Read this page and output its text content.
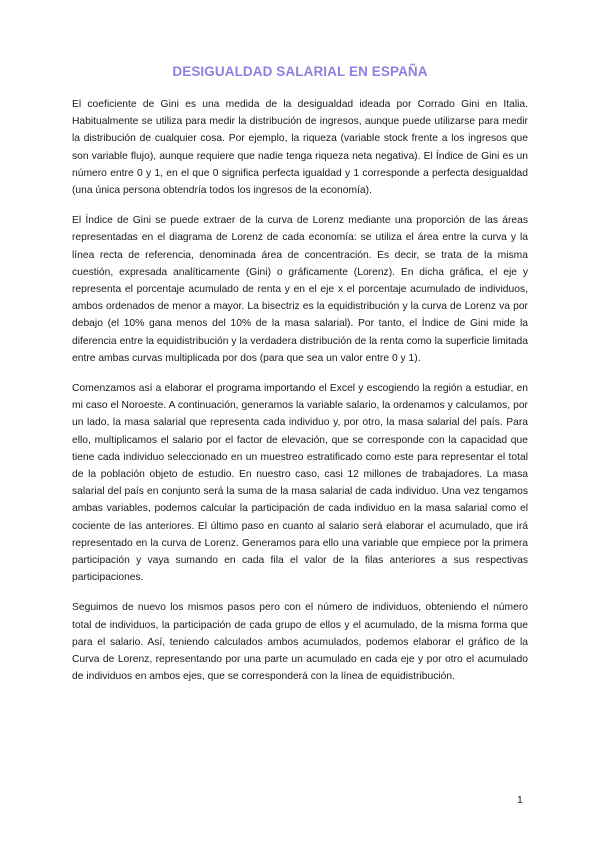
DESIGUALDAD SALARIAL EN ESPAÑA

El coeficiente de Gini es una medida de la desigualdad ideada por Corrado Gini en Italia. Habitualmente se utiliza para medir la distribución de ingresos, aunque puede utilizarse para medir la distribución de cualquier cosa. Por ejemplo, la riqueza (variable stock frente a los ingresos que son variable flujo), aunque requiere que nadie tenga riqueza neta negativa). El Índice de Gini es un número entre 0 y 1, en el que 0 significa perfecta igualdad y 1 corresponde a perfecta desigualdad (una única persona obtendría todos los ingresos de la economía).

El Índice de Gini se puede extraer de la curva de Lorenz mediante una proporción de las áreas representadas en el diagrama de Lorenz de cada economía: se utiliza el área entre la curva y la línea recta de referencia, denominada área de concentración. Es decir, se trata de la misma cuestión, expresada analíticamente (Gini) o gráficamente (Lorenz). En dicha gráfica, el eje y representa el porcentaje acumulado de renta y en el eje x el porcentaje acumulado de individuos, ambos ordenados de menor a mayor. La bisectriz es la equidistribución y la curva de Lorenz va por debajo (el 10% gana menos del 10% de la masa salarial). Por tanto, el Índice de Gini mide la diferencia entre la equidistribución y la verdadera distribución de la renta como la superficie limitada entre ambas curvas multiplicada por dos (para que sea un valor entre 0 y 1).

Comenzamos así a elaborar el programa importando el Excel y escogiendo la región a estudiar, en mi caso el Noroeste. A continuación, generamos la variable salario, la ordenamos y calculamos, por un lado, la masa salarial que representa cada individuo y, por otro, la masa salarial del país. Para ello, multiplicamos el salario por el factor de elevación, que se corresponde con la capacidad que tiene cada individuo seleccionado en un muestreo estratificado como este para representar el total de la población objeto de estudio. En nuestro caso, casi 12 millones de trabajadores. La masa salarial del país en conjunto será la suma de la masa salarial de cada individuo. Una vez tengamos ambas variables, podemos calcular la participación de cada individuo en la masa salarial como el cociente de las anteriores. El último paso en cuanto al salario será elaborar el acumulado, que irá representado en la curva de Lorenz. Generamos para ello una variable que empiece por la primera participación y vaya sumando en cada fila el valor de la filas anteriores a sus respectivas participaciones.

Seguimos de nuevo los mismos pasos pero con el número de individuos, obteniendo el número total de individuos, la participación de cada grupo de ellos y el acumulado, de la misma forma que para el salario. Así, teniendo calculados ambos acumulados, podemos elaborar el gráfico de la Curva de Lorenz, representando por una parte un acumulado en cada eje y por otro el acumulado de individuos en ambos ejes, que se corresponderá con la línea de equidistribución.

1
